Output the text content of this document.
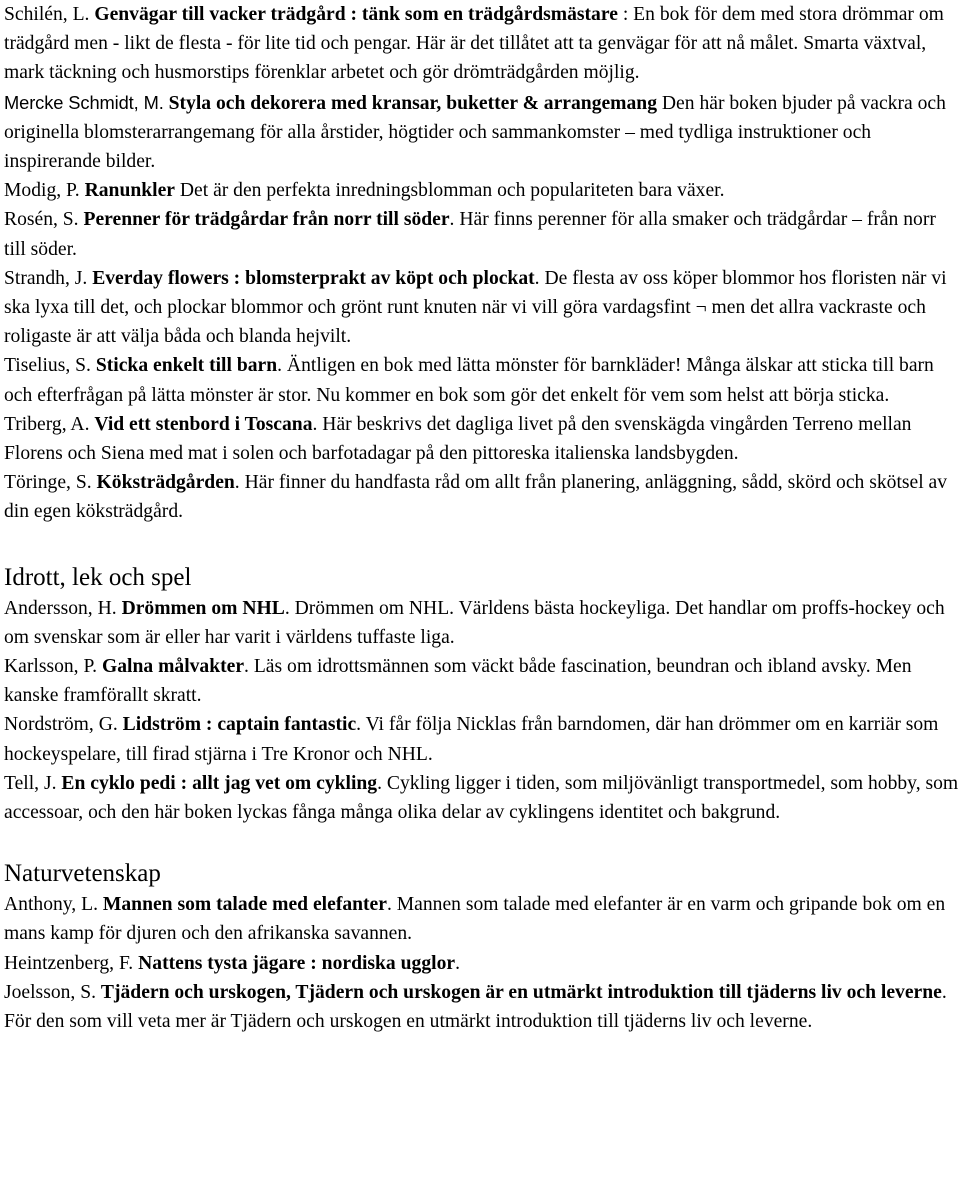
Schilén, L. Genvägar till vacker trädgård : tänk som en trädgårdsmästare : En bok för dem med stora drömmar om trädgård men - likt de flesta - för lite tid och pengar. Här är det tillåtet att ta genvägar för att nå målet. Smarta växtval, mark täckning och husmorstips förenklar arbetet och gör drömträdgården möjlig.

Mercke Schmidt, M. Styla och dekorera med kransar, buketter & arrangemang Den här boken bjuder på vackra och originella blomsterarrangemang för alla årstider, högtider och sammankomster – med tydliga instruktioner och inspirerande bilder.

Modig, P. Ranunkler Det är den perfekta inredningsblomman och populariteten bara växer.

Rosén, S. Perenner för trädgårdar från norr till söder. Här finns perenner för alla smaker och trädgårdar – från norr till söder.

Strandh, J. Everday flowers : blomsterprakt av köpt och plockat. De flesta av oss köper blommor hos floristen när vi ska lyxa till det, och plockar blommor och grönt runt knuten när vi vill göra vardagsfint ¬ men det allra vackraste och roligaste är att välja båda och blanda hejvilt.

Tiselius, S. Sticka enkelt till barn. Äntligen en bok med lätta mönster för barnkläder! Många älskar att sticka till barn och efterfrågan på lätta mönster är stor. Nu kommer en bok som gör det enkelt för vem som helst att börja sticka.

Triberg, A. Vid ett stenbord i Toscana. Här beskrivs det dagliga livet på den svenskägda vingården Terreno mellan Florens och Siena med mat i solen och barfotadagar på den pittoreska italienska landsbygden.

Töringe, S. Köksträdgården. Här finner du handfasta råd om allt från planering, anläggning, sådd, skörd och skötsel av din egen köksträdgård.

Idrott, lek och spel

Andersson, H. Drömmen om NHL. Drömmen om NHL. Världens bästa hockeyliga. Det handlar om proffs-hockey och om svenskar som är eller har varit i världens tuffaste liga.

Karlsson, P. Galna målvakter. Läs om idrottsmännen som väckt både fascination, beundran och ibland avsky. Men kanske framförallt skratt.

Nordström, G. Lidström : captain fantastic. Vi får följa Nicklas från barndomen, där han drömmer om en karriär som hockeyspelare, till firad stjärna i Tre Kronor och NHL.

Tell, J. En cyklo pedi : allt jag vet om cykling. Cykling ligger i tiden, som miljövänligt transportmedel, som hobby, som accessoar, och den här boken lyckas fånga många olika delar av cyklingens identitet och bakgrund.

Naturvetenskap

Anthony, L. Mannen som talade med elefanter. Mannen som talade med elefanter är en varm och gripande bok om en mans kamp för djuren och den afrikanska savannen.

Heintzenberg, F. Nattens tysta jägare : nordiska ugglor.

Joelsson, S. Tjädern och urskogen, Tjädern och urskogen är en utmärkt introduktion till tjäderns liv och leverne. För den som vill veta mer är Tjädern och urskogen en utmärkt introduktion till tjäderns liv och leverne.
